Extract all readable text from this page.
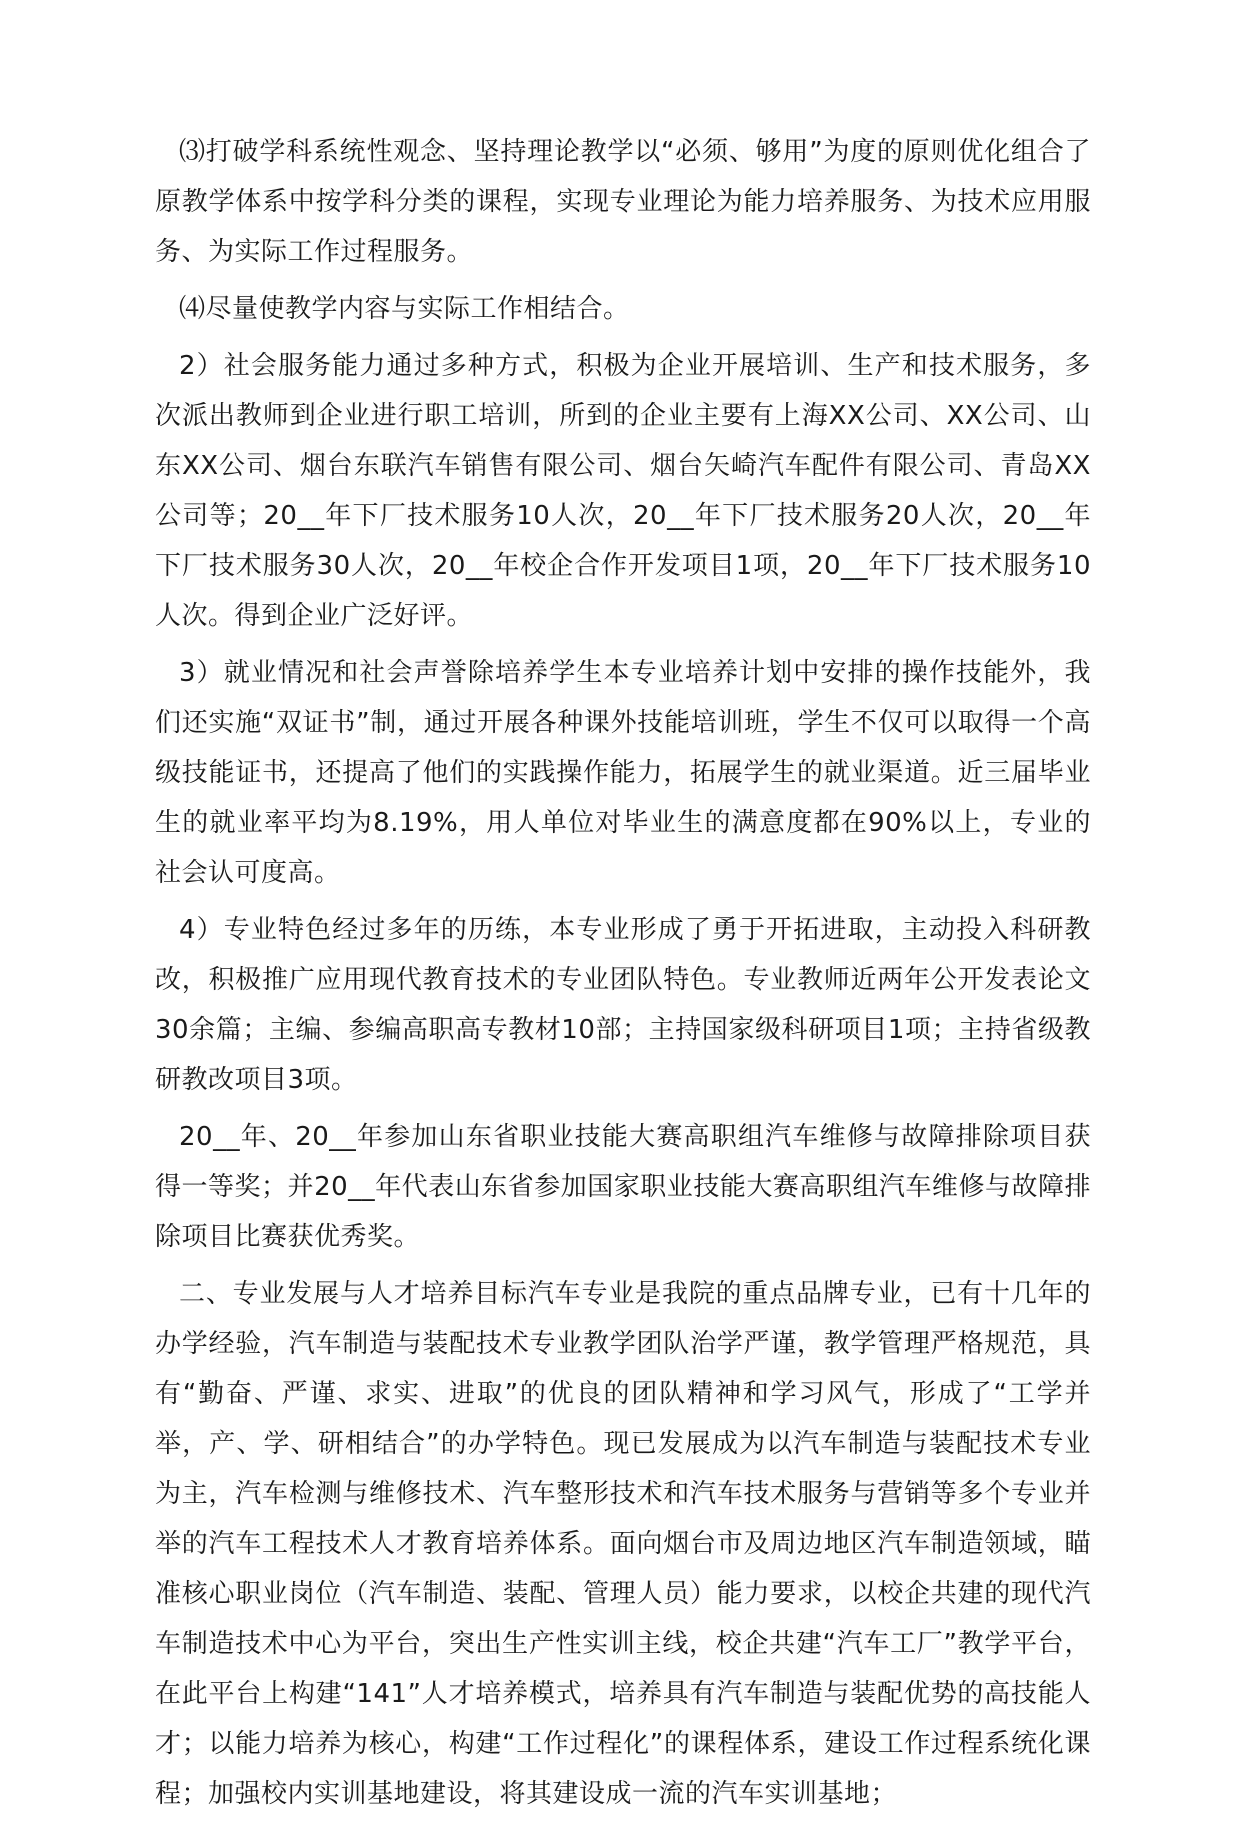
⑶打破学科系统性观念、坚持理论教学以“必须、够用”为度的原则优化组合了原教学体系中按学科分类的课程，实现专业理论为能力培养服务、为技术应用服务、为实际工作过程服务。

⑷尽量使教学内容与实际工作相结合。

2）社会服务能力通过多种方式，积极为企业开展培训、生产和技术服务，多次派出教师到企业进行职工培训，所到的企业主要有上海XX公司、XX公司、山东XX公司、烟台东联汽车销售有限公司、烟台矢崎汽车配件有限公司、青岛XX公司等；20__年下厂技术服务10人次，20__年下厂技术服务20人次，20__年下厂技术服务30人次，20__年校企合作开发项目1项，20__年下厂技术服务10人次。得到企业广泛好评。

3）就业情况和社会声誉除培养学生本专业培养计划中安排的操作技能外，我们还实施“双证书”制，通过开展各种课外技能培训班，学生不仅可以取得一个高级技能证书，还提高了他们的实践操作能力，拓展学生的就业渠道。近三届毕业生的就业率平均为8.19%，用人单位对毕业生的满意度都在90%以上，专业的社会认可度高。

4）专业特色经过多年的历练，本专业形成了勇于开拓进取，主动投入科研教改，积极推广应用现代教育技术的专业团队特色。专业教师近两年公开发表论文30余篇；主编、参编高职高专教材10部；主持国家级科研项目1项；主持省级教研教改项目3项。

20__年、20__年参加山东省职业技能大赛高职组汽车维修与故障排除项目获得一等奖；并20__年代表山东省参加国家职业技能大赛高职组汽车维修与故障排除项目比赛获优秀奖。

二、专业发展与人才培养目标汽车专业是我院的重点品牌专业，已有十几年的办学经验，汽车制造与装配技术专业教学团队治学严谨，教学管理严格规范，具有“勤奋、严谨、求实、进取”的优良的团队精神和学习风气，形成了“工学并举，产、学、研相结合”的办学特色。现已发展成为以汽车制造与装配技术专业为主，汽车检测与维修技术、汽车整形技术和汽车技术服务与营销等多个专业并举的汽车工程技术人才教育培养体系。面向烟台市及周边地区汽车制造领域，瞄准核心职业岗位（汽车制造、装配、管理人员）能力要求，以校企共建的现代汽车制造技术中心为平台，突出生产性实训主线，校企共建“汽车工厂”教学平台，在此平台上构建“141”人才培养模式，培养具有汽车制造与装配优势的高技能人才；以能力培养为核心，构建“工作过程化”的课程体系，建设工作过程系统化课程；加强校内实训基地建设，将其建设成一流的汽车实训基地；
